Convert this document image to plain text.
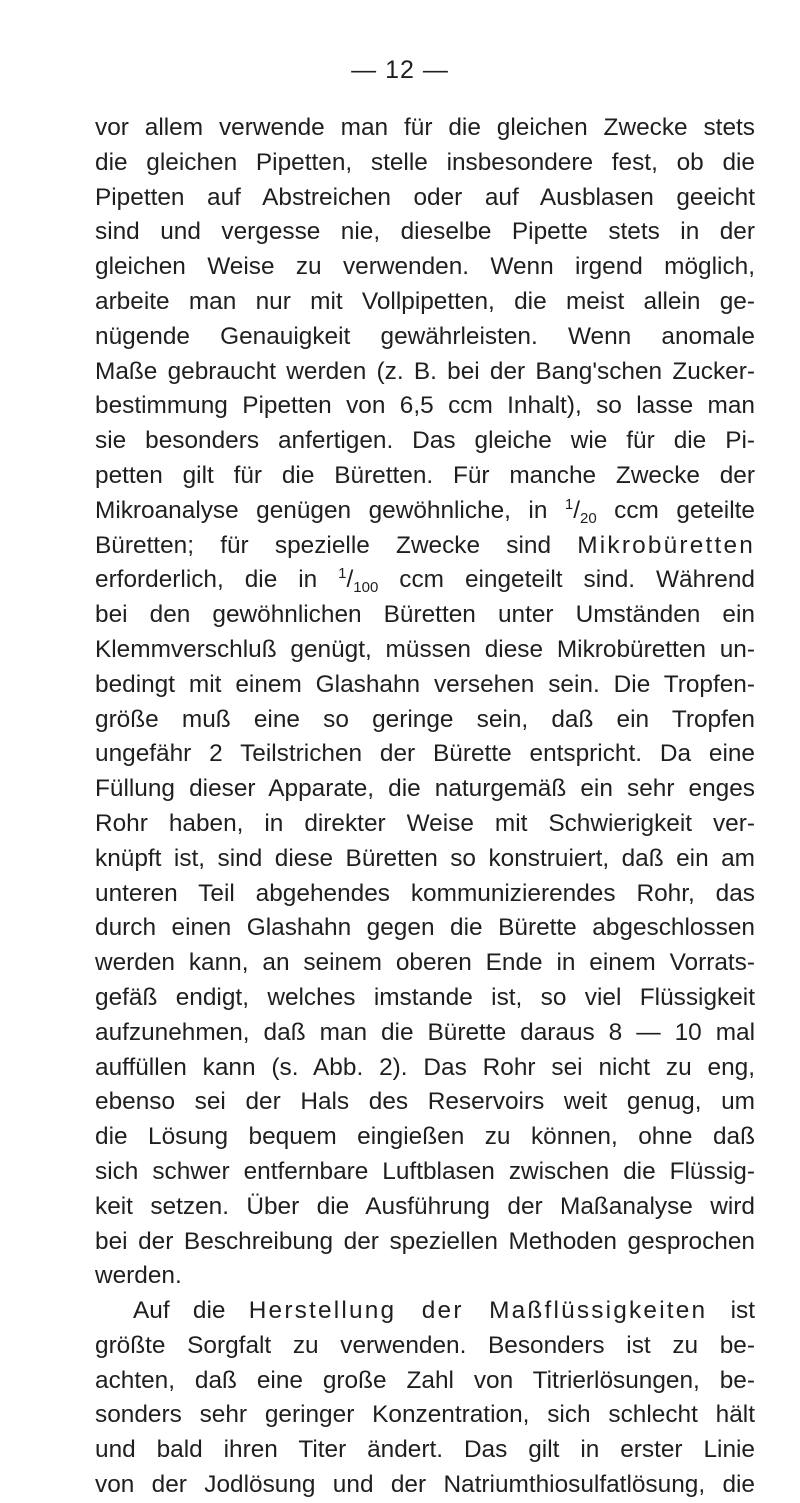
— 12 —
vor allem verwende man für die gleichen Zwecke stets
die gleichen Pipetten, stelle insbesondere fest, ob die
Pipetten auf Abstreichen oder auf Ausblasen geeicht
sind und vergesse nie, dieselbe Pipette stets in der
gleichen Weise zu verwenden. Wenn irgend möglich,
arbeite man nur mit Vollpipetten, die meist allein ge-
nügende Genauigkeit gewährleisten. Wenn anomale
Maße gebraucht werden (z. B. bei der Bang'schen Zucker-
bestimmung Pipetten von 6,5 ccm Inhalt), so lasse man
sie besonders anfertigen. Das gleiche wie für die Pi-
petten gilt für die Büretten. Für manche Zwecke der
Mikroanalyse genügen gewöhnliche, in $^1/_{20}$ ccm geteilte
Büretten; für spezielle Zwecke sind Mikrobüretten
erforderlich, die in $^1/_{100}$ ccm eingeteilt sind. Während
bei den gewöhnlichen Büretten unter Umständen ein
Klemmverschluß genügt, müssen diese Mikrobüretten un-
bedingt mit einem Glashahn versehen sein. Die Tropfen-
größe muß eine so geringe sein, daß ein Tropfen
ungefähr 2 Teilstrichen der Bürette entspricht. Da eine
Füllung dieser Apparate, die naturgemäß ein sehr enges
Rohr haben, in direkter Weise mit Schwierigkeit ver-
knüpft ist, sind diese Büretten so konstruiert, daß ein am
unteren Teil abgehendes kommunizierendes Rohr, das
durch einen Glashahn gegen die Bürette abgeschlossen
werden kann, an seinem oberen Ende in einem Vorrats-
gefäß endigt, welches imstande ist, so viel Flüssigkeit
aufzunehmen, daß man die Bürette daraus 8 — 10 mal
auffüllen kann (s. Abb. 2). Das Rohr sei nicht zu eng,
ebenso sei der Hals des Reservoirs weit genug, um
die Lösung bequem eingießen zu können, ohne daß
sich schwer entfernbare Luftblasen zwischen die Flüssig-
keit setzen. Über die Ausführung der Maßanalyse wird
bei der Beschreibung der speziellen Methoden gesprochen
werden.
Auf die Herstellung der Maßflüssigkeiten ist
größte Sorgfalt zu verwenden. Besonders ist zu be-
achten, daß eine große Zahl von Titrierlösungen, be-
sonders sehr geringer Konzentration, sich schlecht hält
und bald ihren Titer ändert. Das gilt in erster Linie
von der Jodlösung und der Natriumthiosulfatlösung, die
